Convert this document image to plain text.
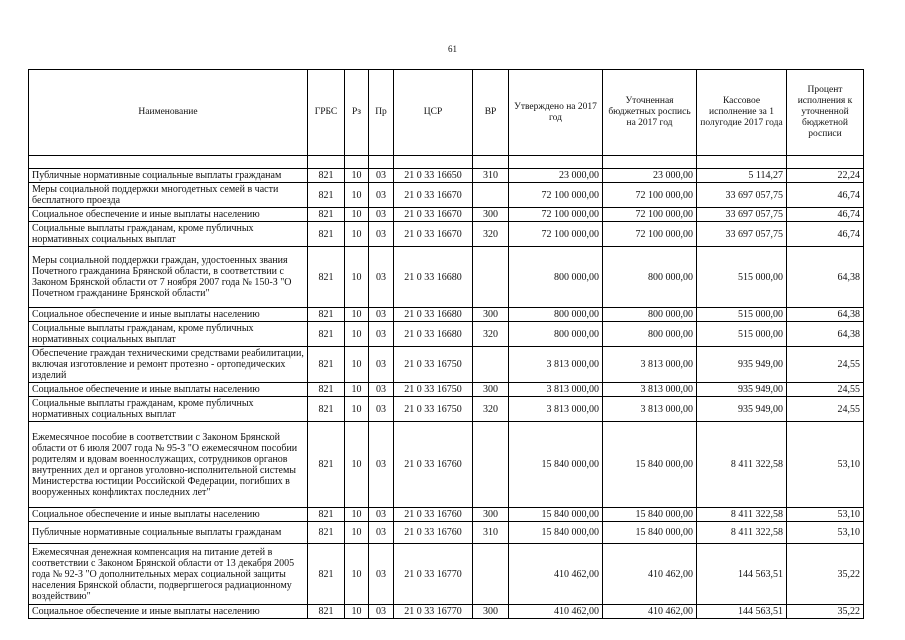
61
Наименование	ГРБС	Рз	Пр	ЦСР	ВР	Утверждено на 2017 год	Уточненная бюджетных роспись на 2017 год	Кассовое исполнение за 1 полугодие 2017 года	Процент исполнения к уточненной бюджетной росписи

Публичные нормативные социальные выплаты гражданам	821	10	03	21 0 33 16650	310	23 000,00	23 000,00	5 114,27	22,24
Меры социальной поддержки многодетных семей в части бесплатного проезда	821	10	03	21 0 33 16670		72 100 000,00	72 100 000,00	33 697 057,75	46,74
Социальное обеспечение и иные выплаты населению	821	10	03	21 0 33 16670	300	72 100 000,00	72 100 000,00	33 697 057,75	46,74
Социальные выплаты гражданам, кроме публичных нормативных социальных выплат	821	10	03	21 0 33 16670	320	72 100 000,00	72 100 000,00	33 697 057,75	46,74
Меры социальной поддержки граждан, удостоенных звания Почетного гражданина Брянской области, в соответствии с Законом Брянской области от 7 ноября 2007 года № 150-З "О Почетном гражданине Брянской области"	821	10	03	21 0 33 16680		800 000,00	800 000,00	515 000,00	64,38
Социальное обеспечение и иные выплаты населению	821	10	03	21 0 33 16680	300	800 000,00	800 000,00	515 000,00	64,38
Социальные выплаты гражданам, кроме публичных нормативных социальных выплат	821	10	03	21 0 33 16680	320	800 000,00	800 000,00	515 000,00	64,38
Обеспечение граждан техническими средствами реабилитации, включая изготовление и ремонт протезно - ортопедических изделий	821	10	03	21 0 33 16750		3 813 000,00	3 813 000,00	935 949,00	24,55
Социальное обеспечение и иные выплаты населению	821	10	03	21 0 33 16750	300	3 813 000,00	3 813 000,00	935 949,00	24,55
Социальные выплаты гражданам, кроме публичных нормативных социальных выплат	821	10	03	21 0 33 16750	320	3 813 000,00	3 813 000,00	935 949,00	24,55
Ежемесячное пособие в соответствии с Законом Брянской области от 6 июля 2007 года № 95-З "О ежемесячном пособии родителям и вдовам военнослужащих, сотрудников органов внутренних дел и органов уголовно-исполнительной системы Министерства юстиции Российской Федерации, погибших в вооруженных конфликтах последних лет"	821	10	03	21 0 33 16760		15 840 000,00	15 840 000,00	8 411 322,58	53,10
Социальное обеспечение и иные выплаты населению	821	10	03	21 0 33 16760	300	15 840 000,00	15 840 000,00	8 411 322,58	53,10
Публичные нормативные социальные выплаты гражданам	821	10	03	21 0 33 16760	310	15 840 000,00	15 840 000,00	8 411 322,58	53,10
Ежемесячная денежная компенсация на питание детей в соответствии с Законом Брянской области от 13 декабря 2005 года № 92-З "О дополнительных мерах социальной защиты населения Брянской области, подвергшегося радиационному воздействию"	821	10	03	21 0 33 16770		410 462,00	410 462,00	144 563,51	35,22
Социальное обеспечение и иные выплаты населению	821	10	03	21 0 33 16770	300	410 462,00	410 462,00	144 563,51	35,22
